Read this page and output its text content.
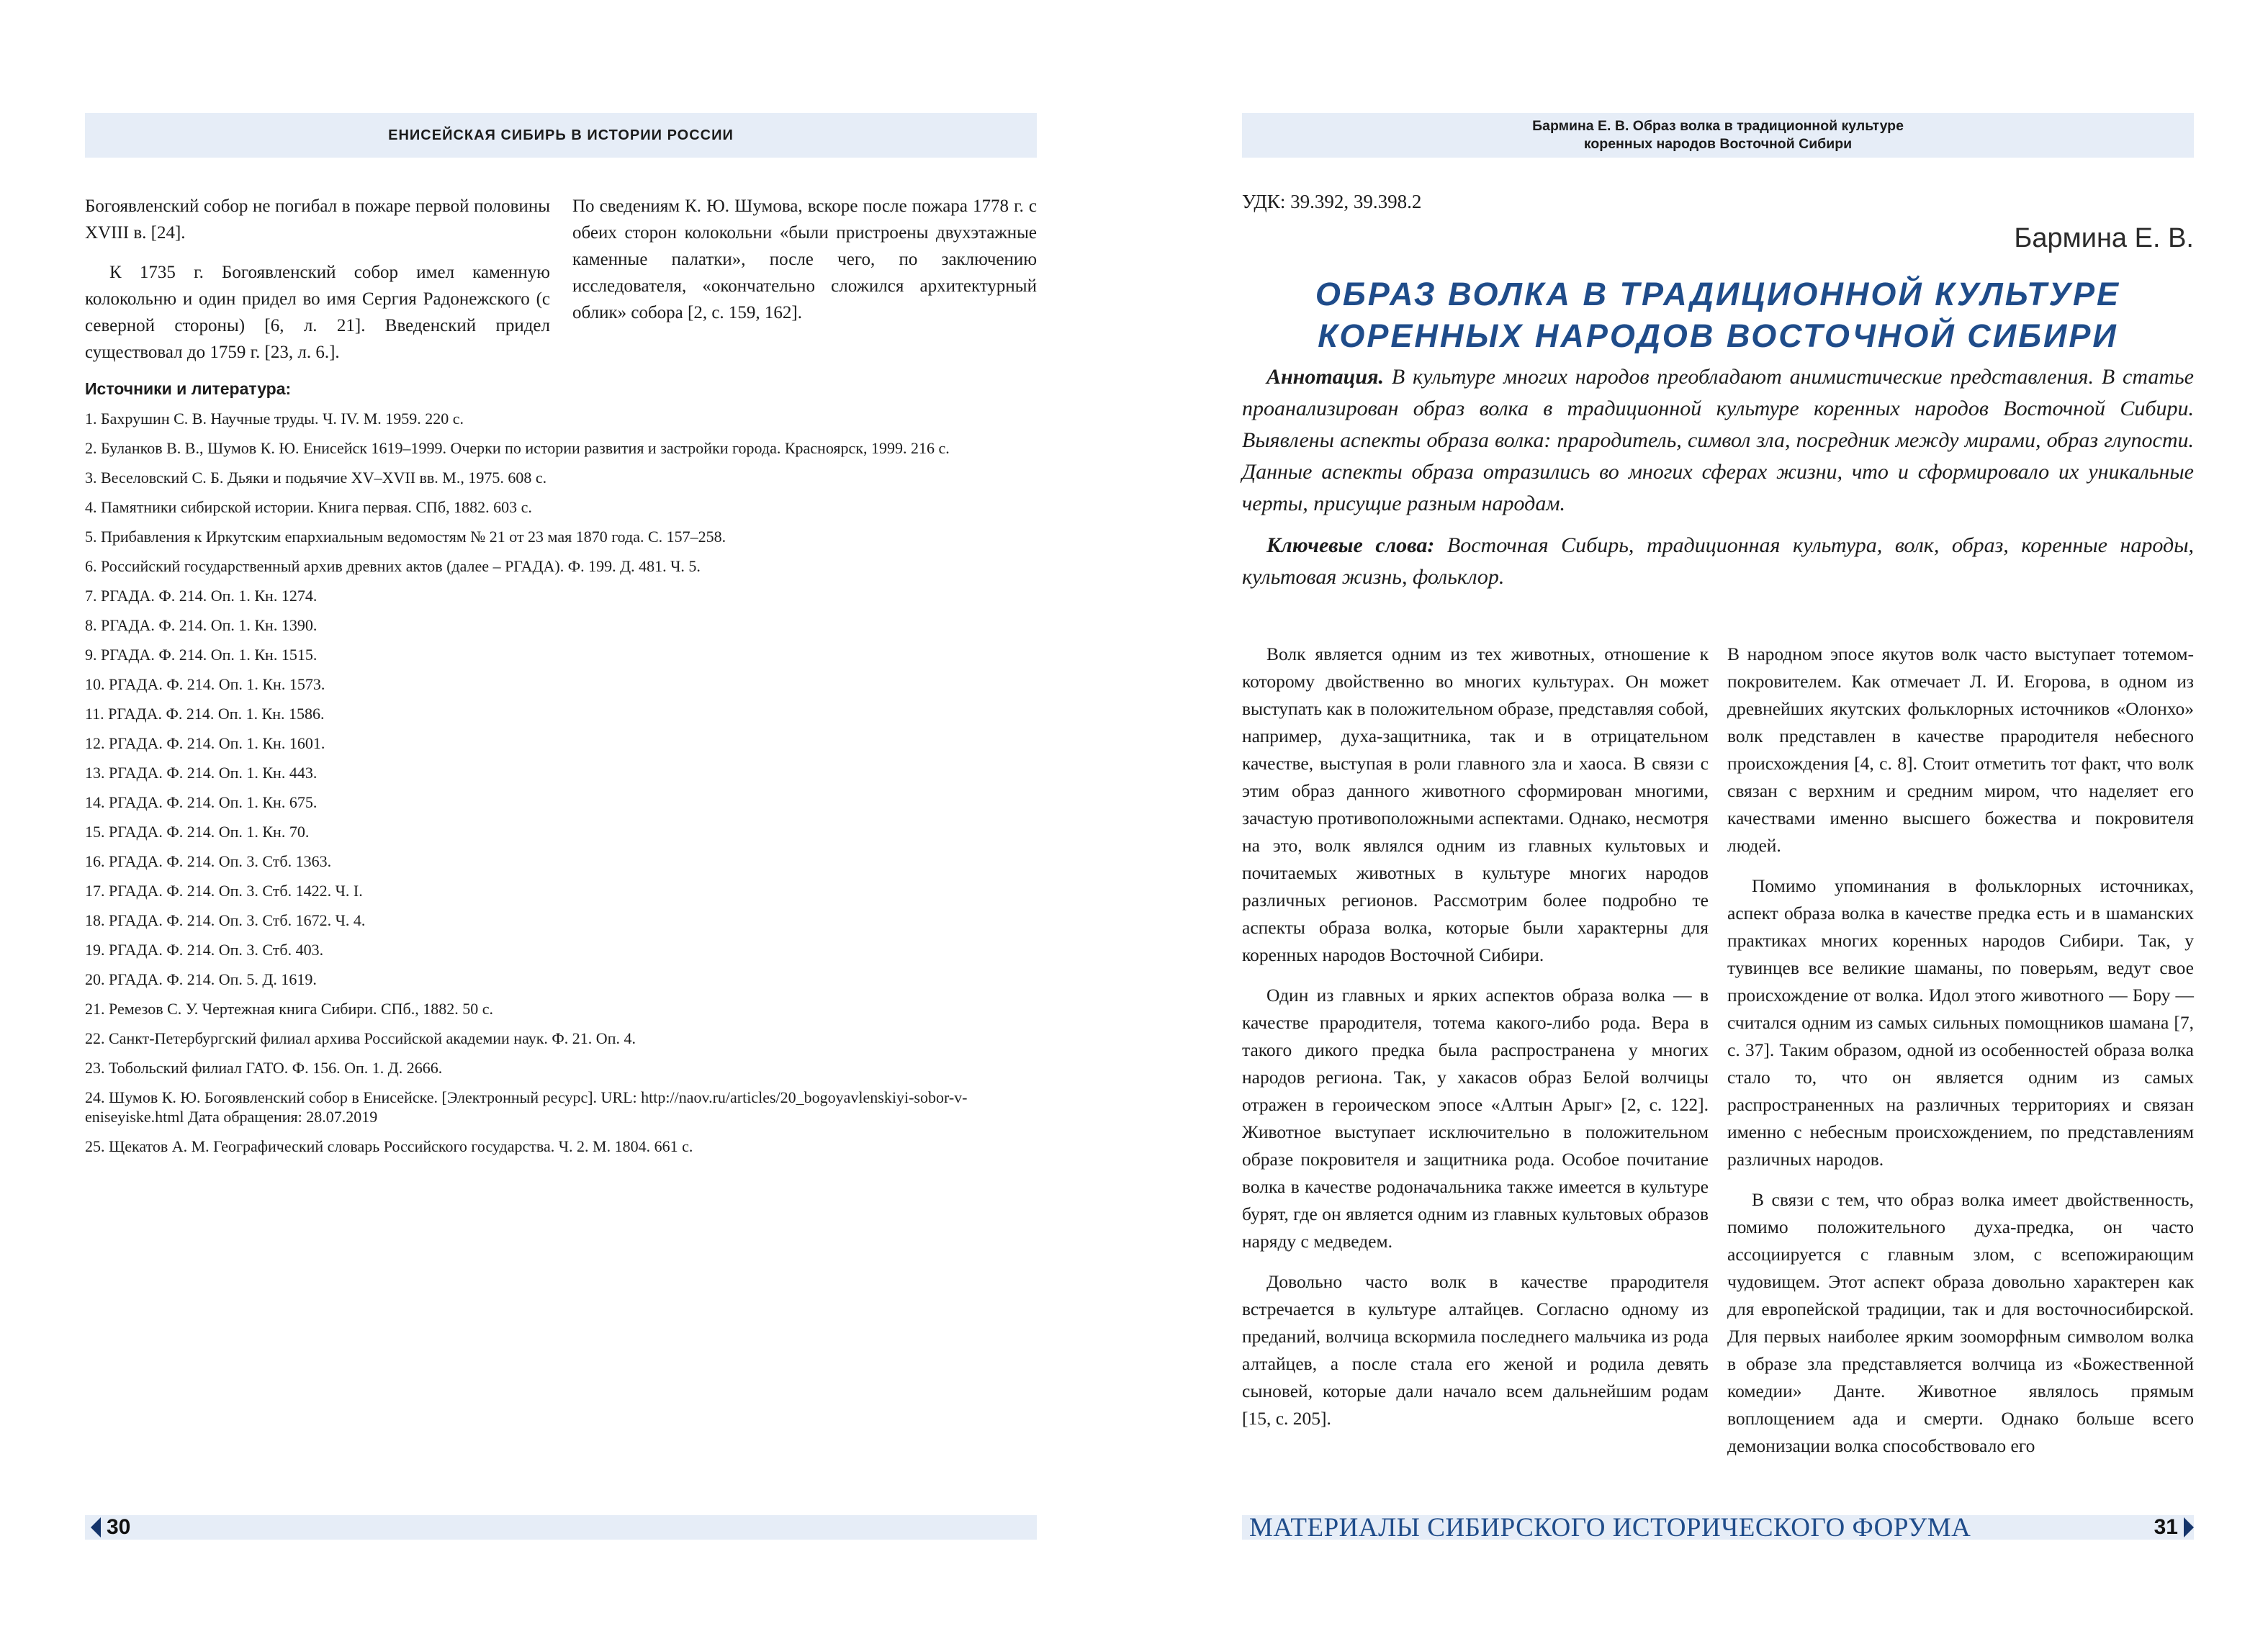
ЕНИСЕЙСКАЯ СИБИРЬ В ИСТОРИИ РОССИИ

Богоявленский собор не погибал в пожаре первой половины XVIII в. [24].

К 1735 г. Богоявленский собор имел каменную колокольню и один придел во имя Сергия Радонежского (с северной стороны) [6, л. 21]. Введенский придел существовал до 1759 г. [23, л. 6.].

По сведениям К. Ю. Шумова, вскоре после пожара 1778 г. с обеих сторон колокольни «были пристроены двухэтажные каменные палатки», после чего, по заключению исследователя, «окончательно сложился архитектурный облик» собора [2, с. 159, 162].

Источники и литература:
1. Бахрушин С. В. Научные труды. Ч. IV. М. 1959. 220 с.
2. Буланков В. В., Шумов К. Ю. Енисейск 1619–1999. Очерки по истории развития и застройки города. Красноярск, 1999. 216 с.
3. Веселовский С. Б. Дьяки и подьячие XV–XVII вв. М., 1975. 608 с.
4. Памятники сибирской истории. Книга первая. СПб, 1882. 603 с.
5. Прибавления к Иркутским епархиальным ведомостям № 21 от 23 мая 1870 года. С. 157–258.
6. Российский государственный архив древних актов (далее – РГАДА). Ф. 199. Д. 481. Ч. 5.
7. РГАДА. Ф. 214. Оп. 1. Кн. 1274.
8. РГАДА. Ф. 214. Оп. 1. Кн. 1390.
9. РГАДА. Ф. 214. Оп. 1. Кн. 1515.
10. РГАДА. Ф. 214. Оп. 1. Кн. 1573.
11. РГАДА. Ф. 214. Оп. 1. Кн. 1586.
12. РГАДА. Ф. 214. Оп. 1. Кн. 1601.
13. РГАДА. Ф. 214. Оп. 1. Кн. 443.
14. РГАДА. Ф. 214. Оп. 1. Кн. 675.
15. РГАДА. Ф. 214. Оп. 1. Кн. 70.
16. РГАДА. Ф. 214. Оп. 3. Стб. 1363.
17. РГАДА. Ф. 214. Оп. 3. Стб. 1422. Ч. I.
18. РГАДА. Ф. 214. Оп. 3. Стб. 1672. Ч. 4.
19. РГАДА. Ф. 214. Оп. 3. Стб. 403.
20. РГАДА. Ф. 214. Оп. 5. Д. 1619.
21. Ремезов С. У. Чертежная книга Сибири. СПб., 1882. 50 с.
22. Санкт-Петербургский филиал архива Российской академии наук. Ф. 21. Оп. 4.
23. Тобольский филиал ГАТО. Ф. 156. Оп. 1. Д. 2666.
24. Шумов К. Ю. Богоявленский собор в Енисейске. [Электронный ресурс]. URL: http://naov.ru/articles/20_bogoyavlenskiyi-sobor-v-eniseyiske.html Дата обращения: 28.07.2019
25. Щекатов А. М. Географический словарь Российского государства. Ч. 2. М. 1804. 661 с.
30
Бармина Е. В. Образ волка в традиционной культуре
коренных народов Восточной Сибири
УДК: 39.392, 39.398.2
Бармина Е. В.
ОБРАЗ ВОЛКА В ТРАДИЦИОННОЙ КУЛЬТУРЕ
КОРЕННЫХ НАРОДОВ ВОСТОЧНОЙ СИБИРИ

Аннотация. В культуре многих народов преобладают анимистические представления. В статье проанализирован образ волка в традиционной культуре коренных народов Восточной Сибири. Выявлены аспекты образа волка: прародитель, символ зла, посредник между мирами, образ глупости. Данные аспекты образа отразились во многих сферах жизни, что и сформировало их уникальные черты, присущие разным народам.

Ключевые слова: Восточная Сибирь, традиционная культура, волк, образ, коренные народы, культовая жизнь, фольклор.

Волк является одним из тех животных, отношение к которому двойственно во многих культурах. Он может выступать как в положительном образе, представляя собой, например, духа-защитника, так и в отрицательном качестве, выступая в роли главного зла и хаоса. В связи с этим образ данного животного сформирован многими, зачастую противоположными аспектами. Однако, несмотря на это, волк являлся одним из главных культовых и почитаемых животных в культуре многих народов различных регионов. Рассмотрим более подробно те аспекты образа волка, которые были характерны для коренных народов Восточной Сибири.

Один из главных и ярких аспектов образа волка — в качестве прародителя, тотема какого-либо рода. Вера в такого дикого предка была распространена у многих народов региона. Так, у хакасов образ Белой волчицы отражен в героическом эпосе «Алтын Арыг» [2, с. 122]. Животное выступает исключительно в положительном образе покровителя и защитника рода. Особое почитание волка в качестве родоначальника также имеется в культуре бурят, где он является одним из главных культовых образов наряду с медведем.

Довольно часто волк в качестве прародителя встречается в культуре алтайцев. Согласно одному из преданий, волчица вскормила последнего мальчика из рода алтайцев, а после стала его женой и родила девять сыновей, которые дали начало всем дальнейшим родам [15, с. 205].

В народном эпосе якутов волк часто выступает тотемом-покровителем. Как отмечает Л. И. Егорова, в одном из древнейших якутских фольклорных источников «Олонхо» волк представлен в качестве прародителя небесного происхождения [4, с. 8]. Стоит отметить тот факт, что волк связан с верхним и средним миром, что наделяет его качествами именно высшего божества и покровителя людей.

Помимо упоминания в фольклорных источниках, аспект образа волка в качестве предка есть и в шаманских практиках многих коренных народов Сибири. Так, у тувинцев все великие шаманы, по поверьям, ведут свое происхождение от волка. Идол этого животного — Бору — считался одним из самых сильных помощников шамана [7, с. 37]. Таким образом, одной из особенностей образа волка стало то, что он является одним из самых распространенных на различных территориях и связан именно с небесным происхождением, по представлениям различных народов.

В связи с тем, что образ волка имеет двойственность, помимо положительного духа-предка, он часто ассоциируется с главным злом, с всепожирающим чудовищем. Этот аспект образа довольно характерен как для европейской традиции, так и для восточносибирской. Для первых наиболее ярким зооморфным символом волка в образе зла представляется волчица из «Божественной комедии» Данте. Животное являлось прямым воплощением ада и смерти. Однако больше всего демонизации волка способствовало его

МАТЕРИАЛЫ СИБИРСКОГО ИСТОРИЧЕСКОГО ФОРУМА	31
